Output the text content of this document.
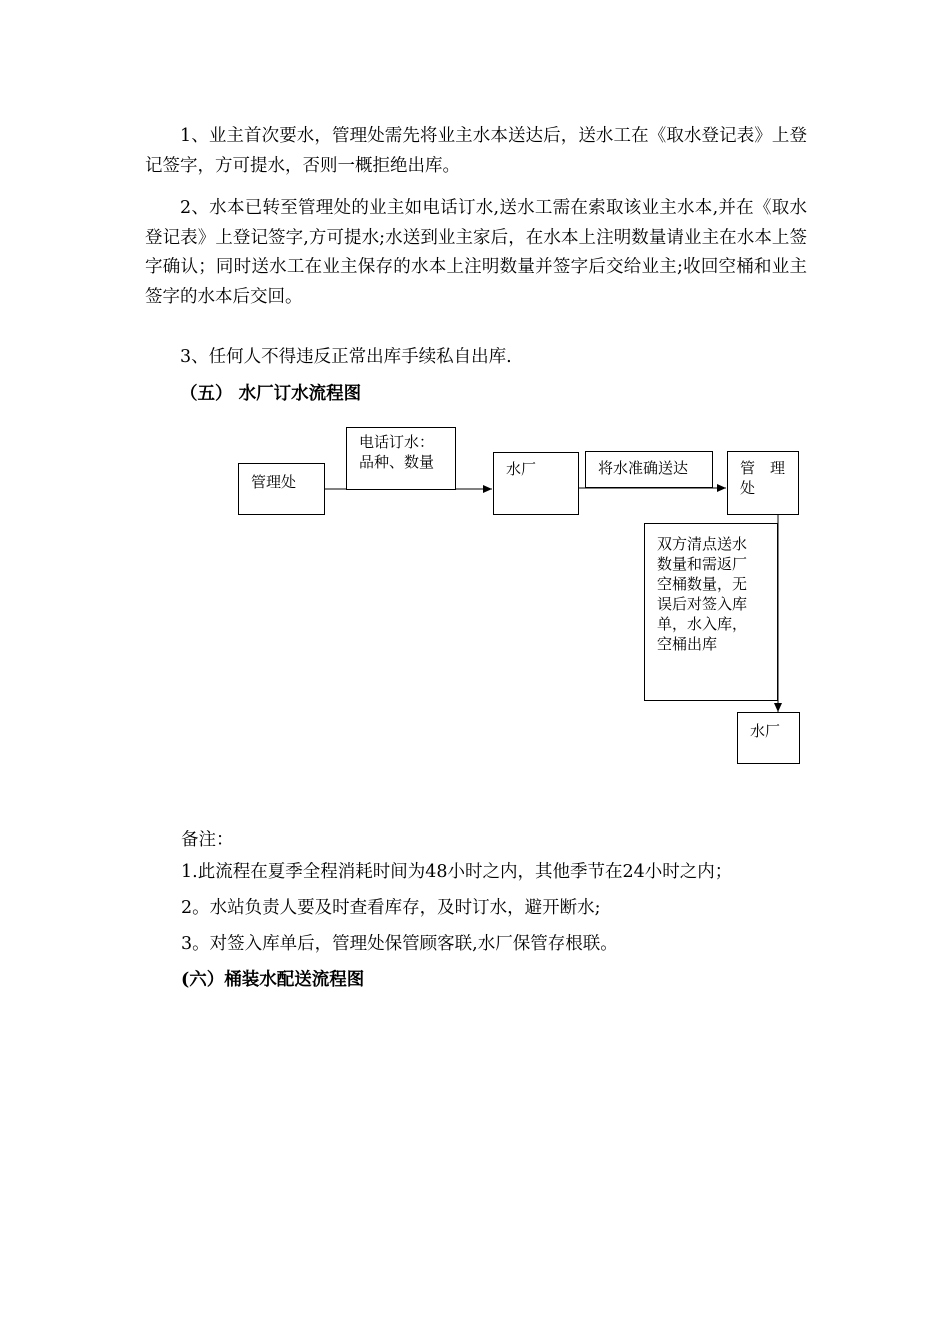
1、业主首次要水，管理处需先将业主水本送达后，送水工在《取水登记表》上登记签字，方可提水，否则一概拒绝出库。

2、水本已转至管理处的业主如电话订水,送水工需在索取该业主水本,并在《取水登记表》上登记签字,方可提水;水送到业主家后，在水本上注明数量请业主在水本上签字确认；同时送水工在业主保存的水本上注明数量并签字后交给业主;收回空桶和业主签字的水本后交回。

3、任何人不得违反正常出库手续私自出库.

（五） 水厂订水流程图
管理处
电话订水：
品种、数量	水厂	将水准确送达	管　理
处
双方清点送水
数量和需返厂
空桶数量，无
误后对签入库
单，水入库，
空桶出库
水厂
备注：
1.此流程在夏季全程消耗时间为48小时之内，其他季节在24小时之内；
2。水站负责人要及时查看库存，及时订水，避开断水;
3。对签入库单后，管理处保管顾客联,水厂保管存根联。
(六）桶装水配送流程图
